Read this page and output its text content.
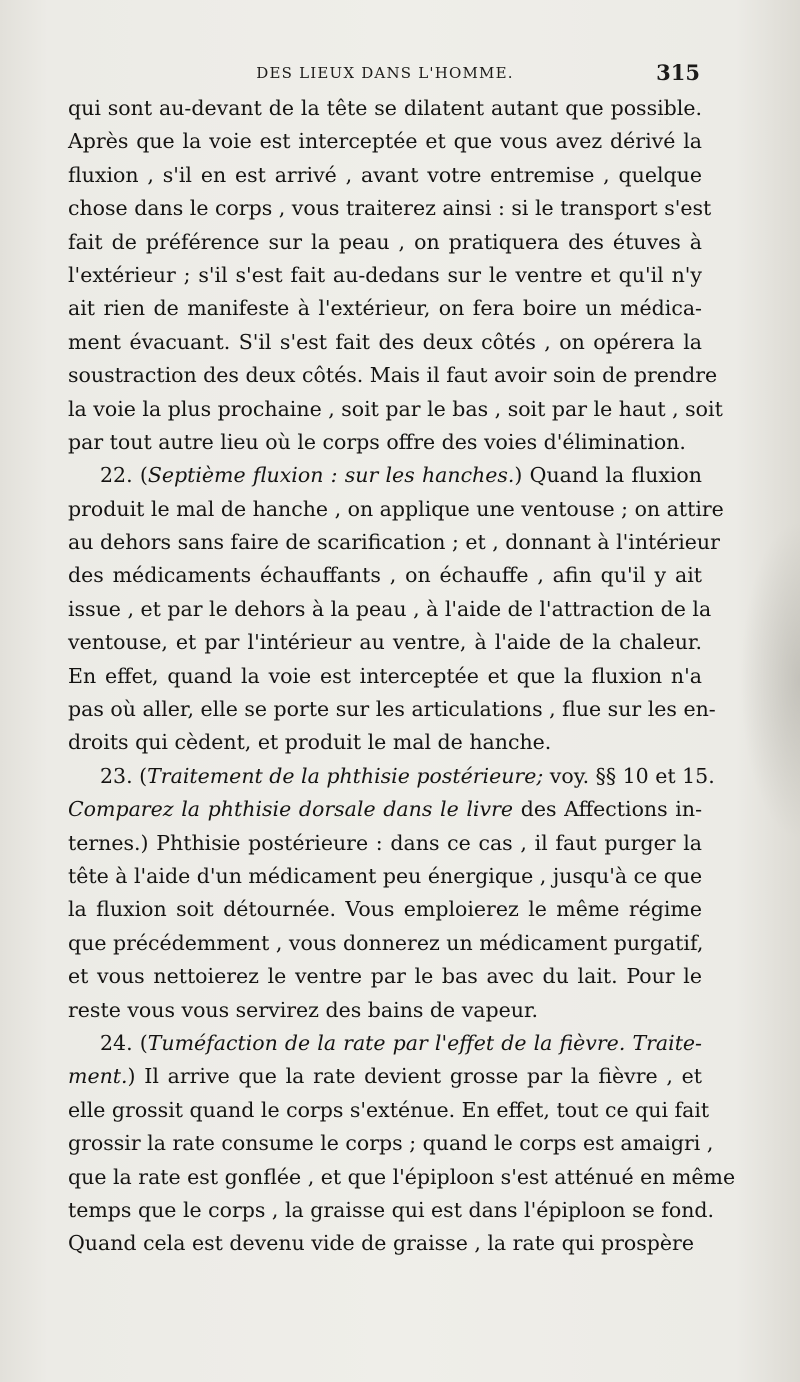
DES LIEUX DANS L'HOMME.	315
qui sont au-devant de la tête se dilatent autant que possible.
Après que la voie est interceptée et que vous avez dérivé la
fluxion , s'il en est arrivé , avant votre entremise , quelque
chose dans le corps , vous traiterez ainsi : si le transport s'est
fait de préférence sur la peau , on pratiquera des étuves à
l'extérieur ; s'il s'est fait au-dedans sur le ventre et qu'il n'y
ait rien de manifeste à l'extérieur, on fera boire un médica-
ment évacuant. S'il s'est fait des deux côtés , on opérera la
soustraction des deux côtés. Mais il faut avoir soin de prendre
la voie la plus prochaine , soit par le bas , soit par le haut , soit
par tout autre lieu où le corps offre des voies d'élimination.
22. (Septième fluxion : sur les hanches.) Quand la fluxion
produit le mal de hanche , on applique une ventouse ; on attire
au dehors sans faire de scarification ; et , donnant à l'intérieur
des médicaments échauffants , on échauffe , afin qu'il y ait
issue , et par le dehors à la peau , à l'aide de l'attraction de la
ventouse, et par l'intérieur au ventre, à l'aide de la chaleur.
En effet, quand la voie est interceptée et que la fluxion n'a
pas où aller, elle se porte sur les articulations , flue sur les en-
droits qui cèdent, et produit le mal de hanche.
23. (Traitement de la phthisie postérieure; voy. §§ 10 et 15.
Comparez la phthisie dorsale dans le livre des Affections in-
ternes.) Phthisie postérieure : dans ce cas , il faut purger la
tête à l'aide d'un médicament peu énergique , jusqu'à ce que
la fluxion soit détournée. Vous emploierez le même régime
que précédemment , vous donnerez un médicament purgatif,
et vous nettoierez le ventre par le bas avec du lait. Pour le
reste vous vous servirez des bains de vapeur.
24. (Tuméfaction de la rate par l'effet de la fièvre. Traite-
ment.) Il arrive que la rate devient grosse par la fièvre , et
elle grossit quand le corps s'exténue. En effet, tout ce qui fait
grossir la rate consume le corps ; quand le corps est amaigri ,
que la rate est gonflée , et que l'épiploon s'est atténué en même
temps que le corps , la graisse qui est dans l'épiploon se fond.
Quand cela est devenu vide de graisse , la rate qui prospère
